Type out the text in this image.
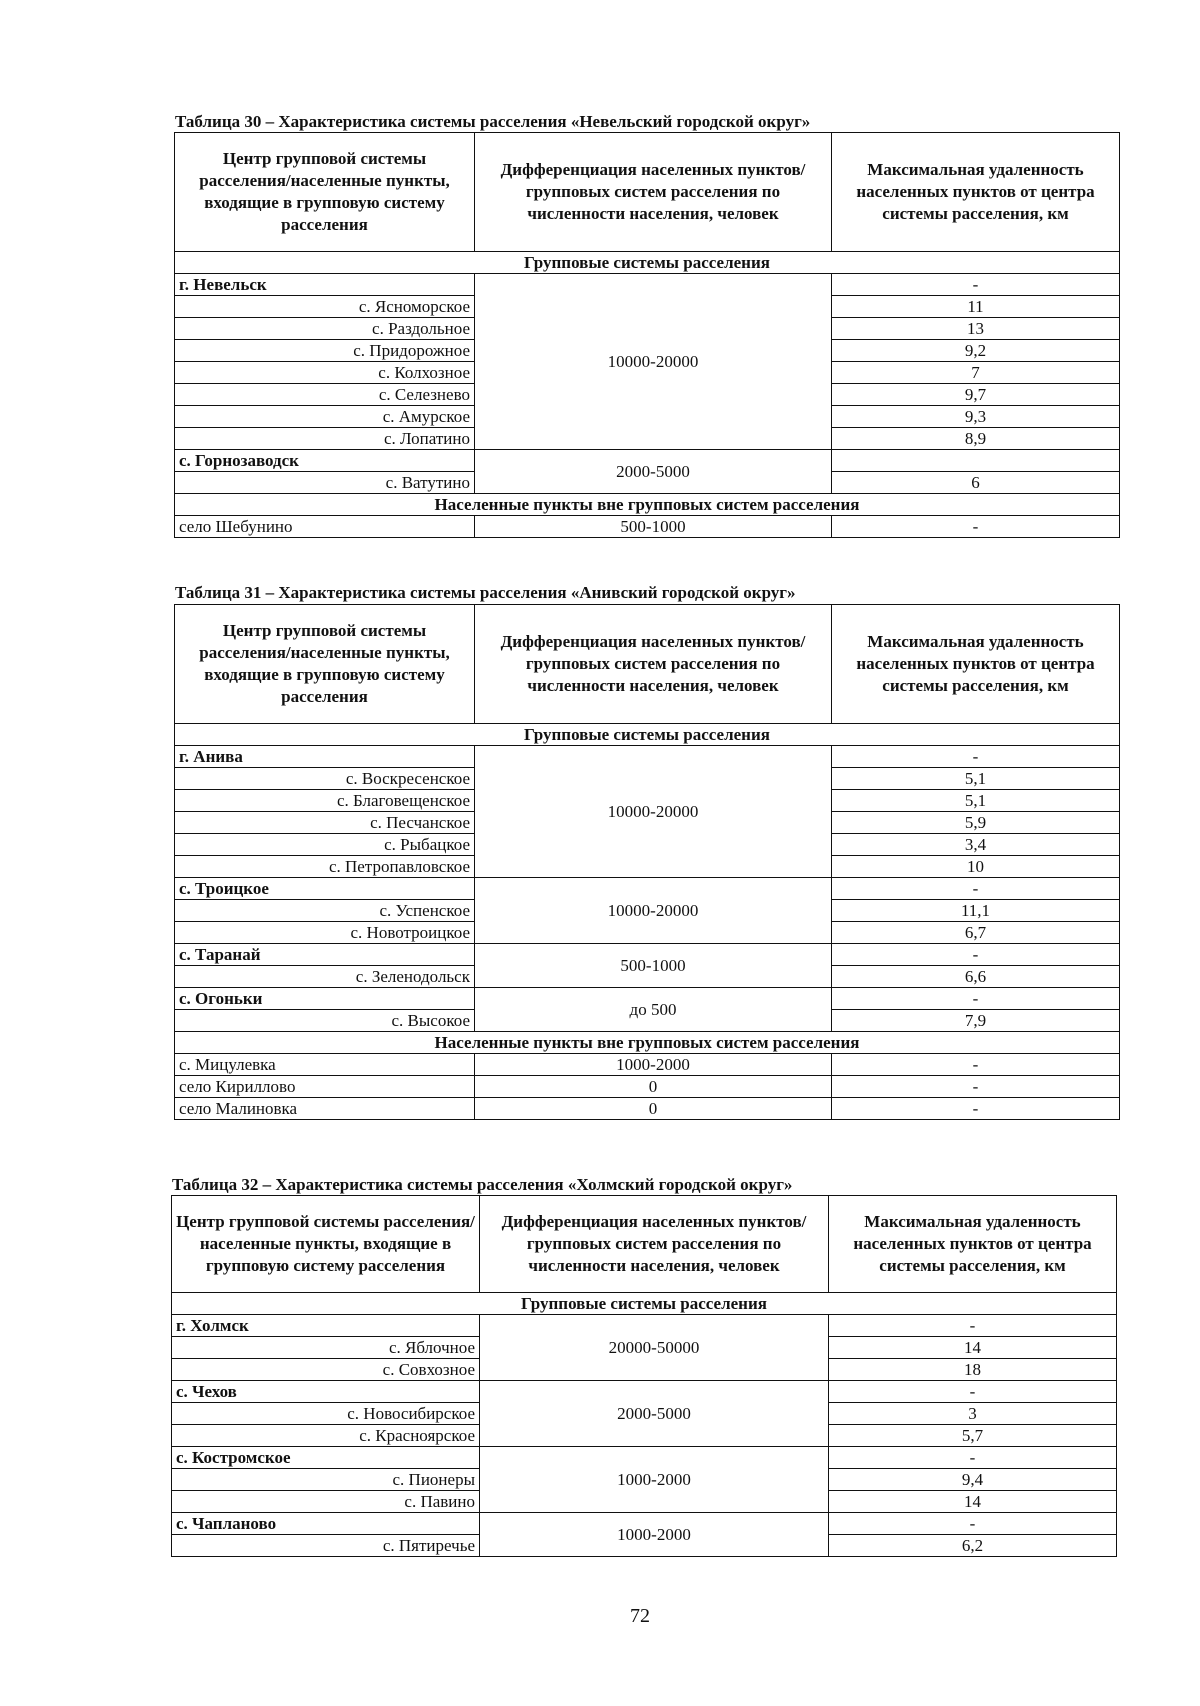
Таблица 30 – Характеристика системы расселения «Невельский городской округ»
Центр групповой системы расселения/населенные пункты, входящие в групповую систему расселения	Дифференциация населенных пунктов/групповых систем расселения по численности населения, человек	Максимальная удаленность населенных пунктов от центра системы расселения, км
Групповые системы расселения		
г. Невельск	10000-20000	-
с. Ясноморское		11
с. Раздольное		13
с. Придорожное		9,2
с. Колхозное		7
с. Селезнево		9,7
с. Амурское		9,3
с. Лопатино		8,9
с. Горнозаводск	2000-5000	
с. Ватутино		6
Населенные пункты вне групповых систем расселения		
село Шебунино	500-1000	-
Таблица 31 – Характеристика системы расселения «Анивский городской округ»
Центр групповой системы расселения/населенные пункты, входящие в групповую систему расселения	Дифференциация населенных пунктов/групповых систем расселения по численности населения, человек	Максимальная удаленность населенных пунктов от центра системы расселения, км
Групповые системы расселения		
г. Анива	10000-20000	-
с. Воскресенское		5,1
с. Благовещенское		5,1
с. Песчанское		5,9
с. Рыбацкое		3,4
с. Петропавловское		10
с. Троицкое	10000-20000	-
с. Успенское		11,1
с. Новотроицкое		6,7
с. Таранай	500-1000	-
с. Зеленодольск		6,6
с. Огоньки	до 500	-
с. Высокое		7,9
Населенные пункты вне групповых систем расселения		
с. Мицулевка	1000-2000	-
село Кириллово	0	-
село Малиновка	0	-
Таблица 32 – Характеристика системы расселения «Холмский городской округ»
Центр групповой системы расселения/населенные пункты, входящие в групповую систему расселения	Дифференциация населенных пунктов/групповых систем расселения по численности населения, человек	Максимальная удаленность населенных пунктов от центра системы расселения, км
Групповые системы расселения		
г. Холмск	20000-50000	-
с. Яблочное		14
с. Совхозное		18
с. Чехов	2000-5000	-
с. Новосибирское		3
с. Красноярское		5,7
с. Костромское	1000-2000	-
с. Пионеры		9,4
с. Павино		14
с. Чапланово	1000-2000	-
с. Пятиречье		6,2
72
